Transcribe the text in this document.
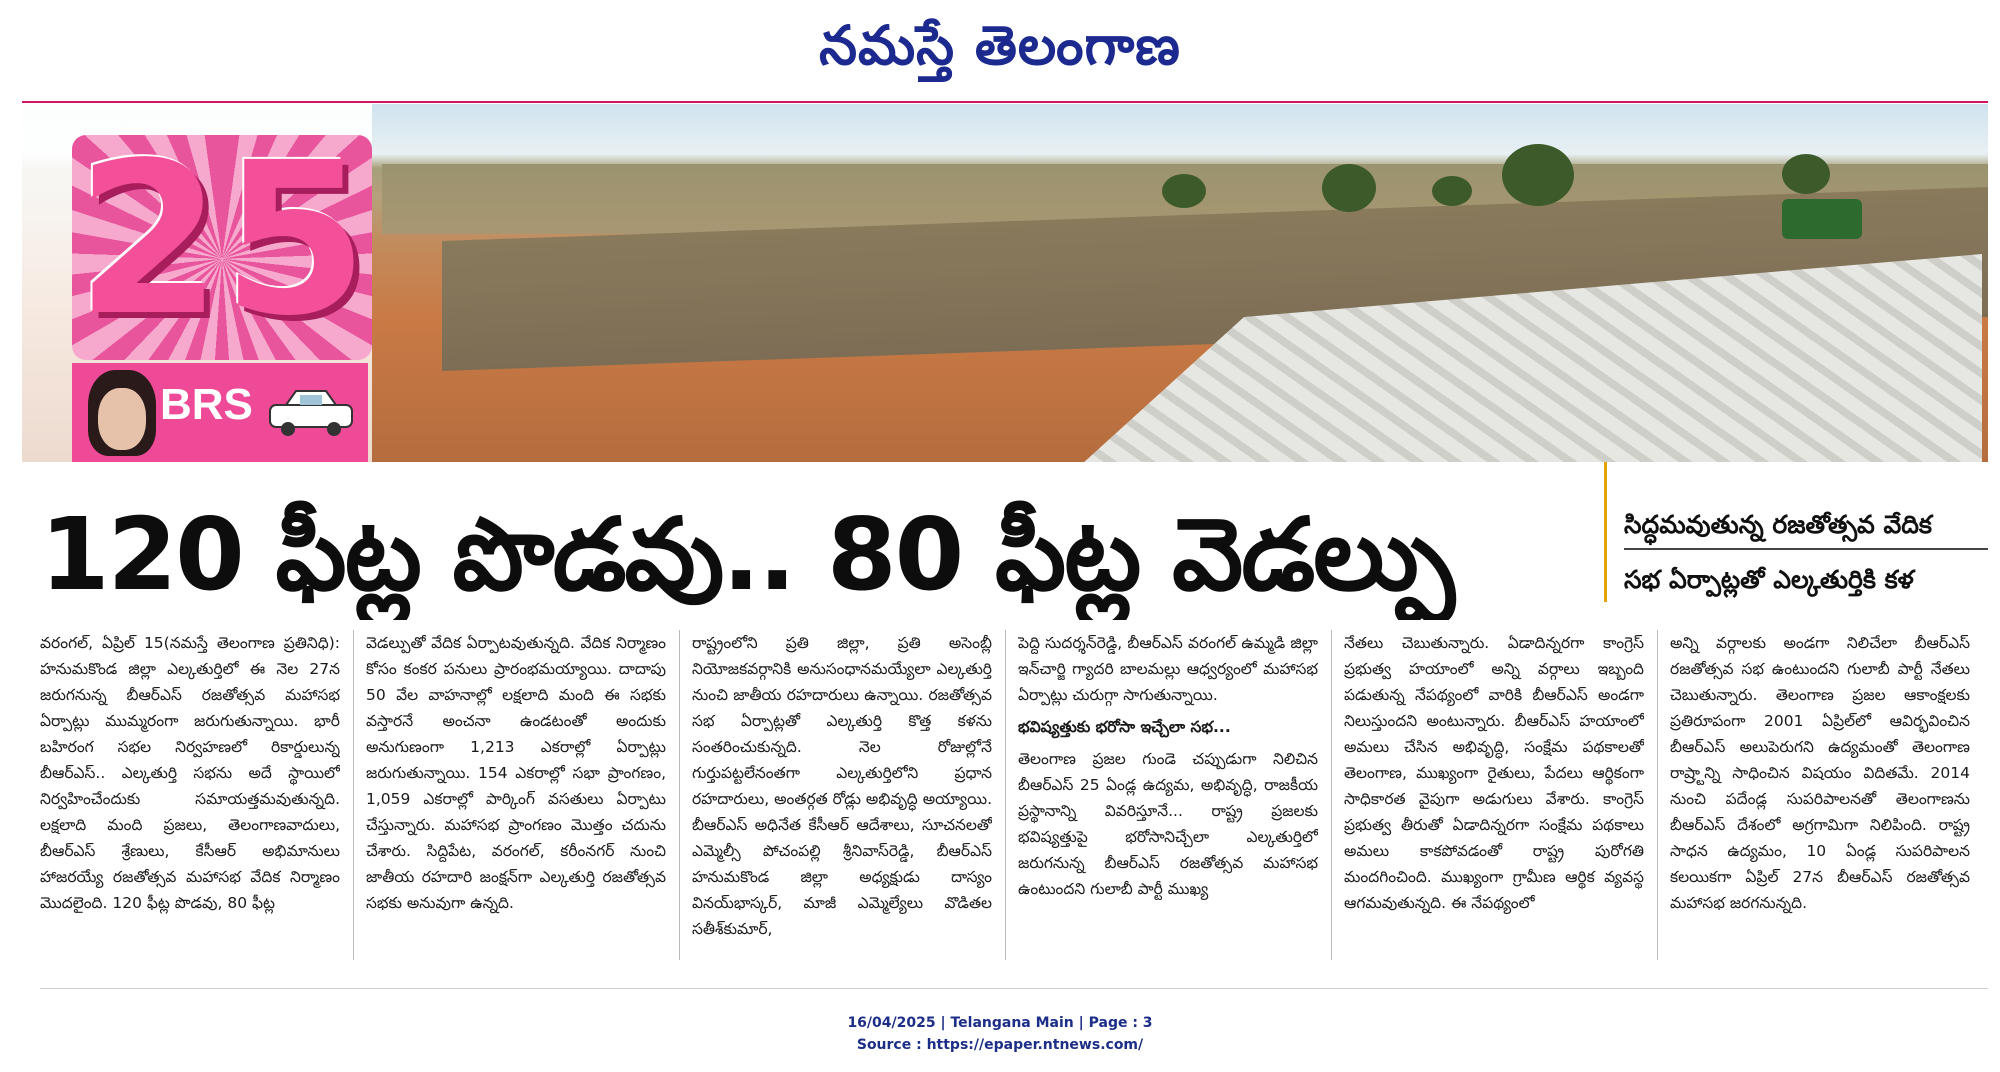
నమస్తే తెలంగాణ
25
BRS
120 ఫీట్ల పొడవు.. 80 ఫీట్ల వెడల్పు	సిద్ధమవుతున్న రజతోత్సవ వేదిక
సభ ఏర్పాట్లతో ఎల్కతుర్తికి కళ
వరంగల్‌, ఏప్రిల్‌ 15(నమస్తే తెలంగాణ ప్రతినిధి): హనుమకొండ జిల్లా ఎల్కతుర్తిలో ఈ నెల 27న జరుగనున్న బీఆర్‌ఎస్‌ రజతోత్సవ మహాసభ ఏర్పాట్లు ముమ్మరంగా జరుగుతున్నాయి. భారీ బహిరంగ సభల నిర్వహణలో రికార్డులున్న బీఆర్‌ఎస్‌.. ఎల్కతుర్తి సభను అదే స్థాయిలో నిర్వహించేందుకు సమాయత్తమవుతున్నది. లక్షలాది మంది ప్రజలు, తెలంగాణవాదులు, బీఆర్‌ఎస్‌ శ్రేణులు, కేసీఆర్‌ అభిమానులు హాజరయ్యే రజతోత్సవ మహాసభ వేదిక నిర్మాణం మొదలైంది. 120 ఫీట్ల పొడవు, 80 ఫీట్ల
వెడల్పుతో వేదిక ఏర్పాటవుతున్నది. వేదిక నిర్మాణం కోసం కంకర పనులు ప్రారంభమయ్యాయి. దాదాపు 50 వేల వాహనాల్లో లక్షలాది మంది ఈ సభకు వస్తారనే అంచనా ఉండటంతో అందుకు అనుగుణంగా 1,213 ఎకరాల్లో ఏర్పాట్లు జరుగుతున్నాయి. 154 ఎకరాల్లో సభా ప్రాంగణం, 1,059 ఎకరాల్లో పార్కింగ్‌ వసతులు ఏర్పాటు చేస్తున్నారు. మహాసభ ప్రాంగణం మొత్తం చదును చేశారు. సిద్దిపేట, వరంగల్‌, కరీంనగర్‌ నుంచి జాతీయ రహదారి జంక్షన్‌గా ఎల్కతుర్తి రజతోత్సవ సభకు అనువుగా ఉన్నది.
రాష్ట్రంలోని ప్రతి జిల్లా, ప్రతి అసెంబ్లీ నియోజకవర్గానికి అనుసంధానమయ్యేలా ఎల్కతుర్తి నుంచి జాతీయ రహదారులు ఉన్నాయి. రజతోత్సవ సభ ఏర్పాట్లతో ఎల్కతుర్తి కొత్త కళను సంతరించుకున్నది. నెల రోజుల్లోనే గుర్తుపట్టలేనంతగా ఎల్కతుర్తిలోని ప్రధాన రహదారులు, అంతర్గత రోడ్లు అభివృద్ధి అయ్యాయి. బీఆర్‌ఎస్‌ అధినేత కేసీఆర్‌ ఆదేశాలు, సూచనలతో ఎమ్మెల్సీ పోచంపల్లి శ్రీనివాస్‌రెడ్డి, బీఆర్‌ఎస్‌ హనుమకొండ జిల్లా అధ్యక్షుడు దాస్యం వినయ్‌భాస్కర్‌, మాజీ ఎమ్మెల్యేలు వొడితల సతీశ్‌కుమార్‌,
పెద్ది సుదర్శన్‌రెడ్డి, బీఆర్‌ఎస్‌ వరంగల్‌ ఉమ్మడి జిల్లా ఇన్‌చార్జి గ్యాదరి బాలమల్లు ఆధ్వర్యంలో మహాసభ ఏర్పాట్లు చురుగ్గా సాగుతున్నాయి.
భవిష్యత్తుకు భరోసా ఇచ్చేలా సభ...
తెలంగాణ ప్రజల గుండె చప్పుడుగా నిలిచిన బీఆర్‌ఎస్‌ 25 ఏండ్ల ఉద్యమ, అభివృద్ధి, రాజకీయ ప్రస్థానాన్ని వివరిస్తూనే... రాష్ట్ర ప్రజలకు భవిష్యత్తుపై భరోసానిచ్చేలా ఎల్కతుర్తిలో జరుగనున్న బీఆర్‌ఎస్‌ రజతోత్సవ మహాసభ ఉంటుందని గులాబీ పార్టీ ముఖ్య
నేతలు చెబుతున్నారు. ఏడాదిన్నరగా కాంగ్రెస్‌ ప్రభుత్వ హయాంలో అన్ని వర్గాలు ఇబ్బంది పడుతున్న నేపథ్యంలో వారికి బీఆర్‌ఎస్‌ అండగా నిలుస్తుందని అంటున్నారు. బీఆర్‌ఎస్‌ హయాంలో అమలు చేసిన అభివృద్ధి, సంక్షేమ పథకాలతో తెలంగాణ, ముఖ్యంగా రైతులు, పేదలు ఆర్థికంగా సాధికారత వైపుగా అడుగులు వేశారు. కాంగ్రెస్‌ ప్రభుత్వ తీరుతో ఏడాదిన్నరగా సంక్షేమ పథకాలు అమలు కాకపోవడంతో రాష్ట్ర పురోగతి మందగించింది. ముఖ్యంగా గ్రామీణ ఆర్థిక వ్యవస్థ ఆగమవుతున్నది. ఈ నేపథ్యంలో
అన్ని వర్గాలకు అండగా నిలిచేలా బీఆర్‌ఎస్‌ రజతోత్సవ సభ ఉంటుందని గులాబీ పార్టీ నేతలు చెబుతున్నారు. తెలంగాణ ప్రజల ఆకాంక్షలకు ప్రతిరూపంగా 2001 ఏప్రిల్‌లో ఆవిర్భవించిన బీఆర్‌ఎస్‌ అలుపెరుగని ఉద్యమంతో తెలంగాణ రాష్ర్టాన్ని సాధించిన విషయం విదితమే. 2014 నుంచి పదేండ్ల సుపరిపాలనతో తెలంగాణను బీఆర్‌ఎస్‌ దేశంలో అగ్రగామిగా నిలిపింది. రాష్ట్ర సాధన ఉద్యమం, 10 ఏండ్ల సుపరిపాలన కలయికగా ఏప్రిల్‌ 27న బీఆర్‌ఎస్‌ రజతోత్సవ మహాసభ జరగనున్నది.
16/04/2025 | Telangana Main | Page : 3
Source : https://epaper.ntnews.com/
